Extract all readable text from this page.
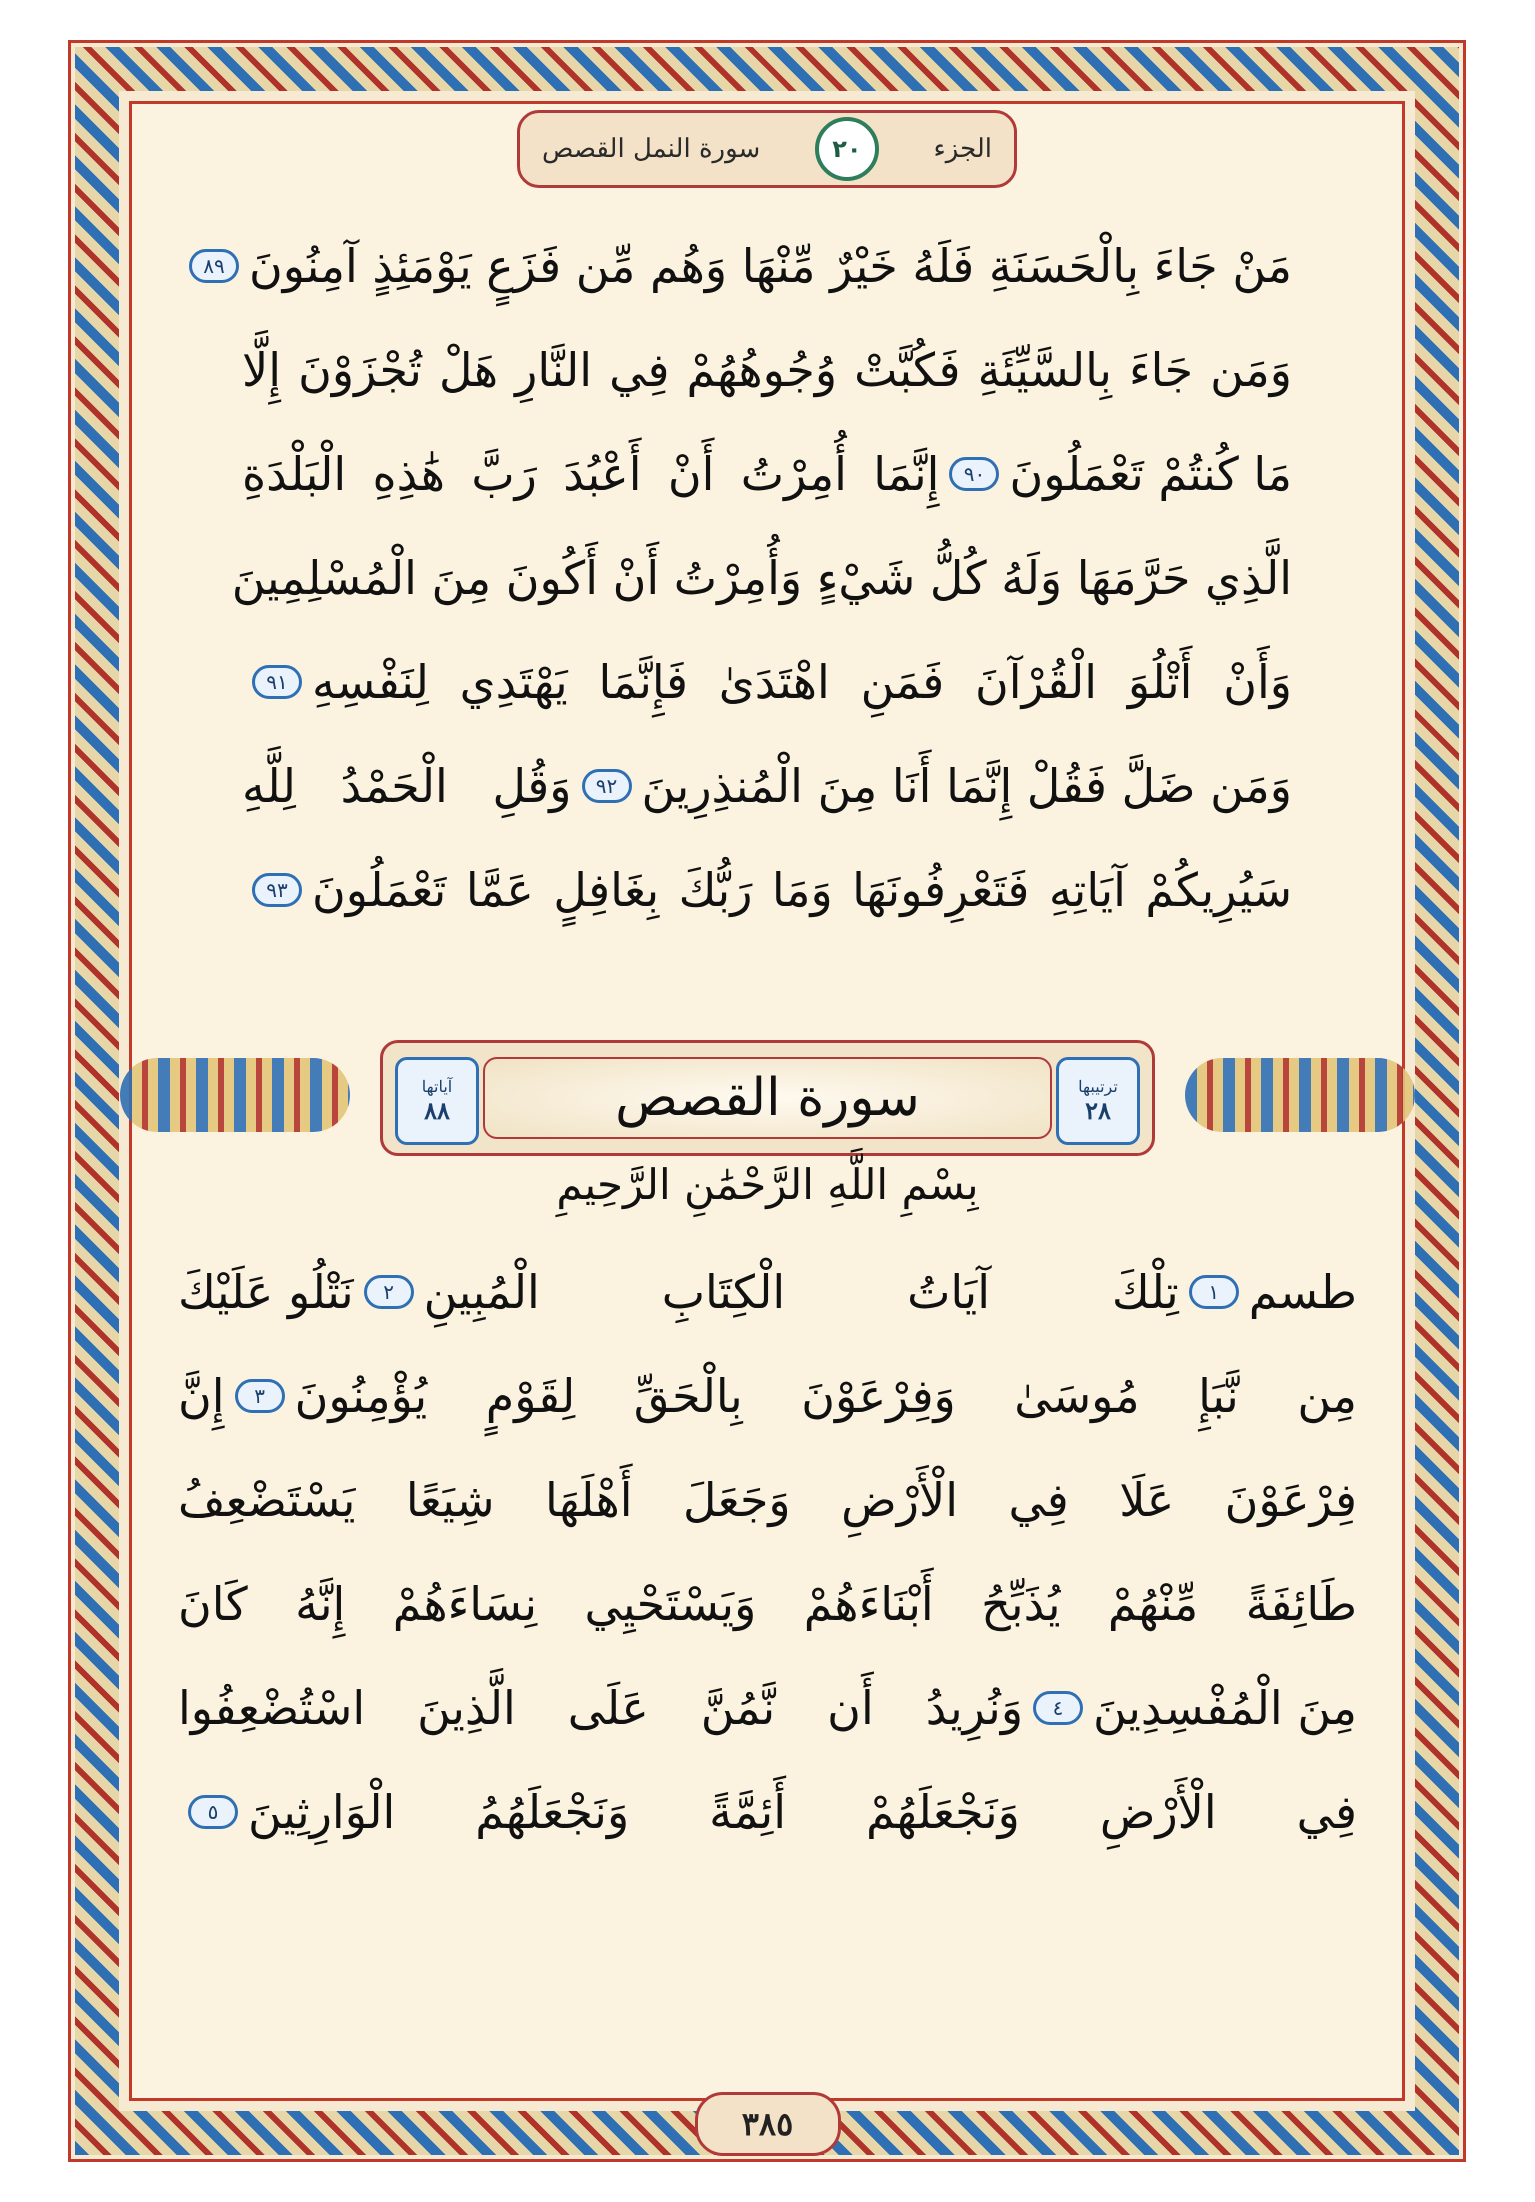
سورة النمل القصص	٢٠	الجزء
مَنْ جَاءَ بِالْحَسَنَةِ فَلَهُ خَيْرٌ مِّنْهَا وَهُم مِّن فَزَعٍ يَوْمَئِذٍ آمِنُونَ
٨٩
وَمَن جَاءَ بِالسَّيِّئَةِ فَكُبَّتْ وُجُوهُهُمْ فِي النَّارِ هَلْ تُجْزَوْنَ إِلَّا
مَا كُنتُمْ تَعْمَلُونَ
٩٠
إِنَّمَا أُمِرْتُ أَنْ أَعْبُدَ رَبَّ هَٰذِهِ الْبَلْدَةِ
الَّذِي حَرَّمَهَا وَلَهُ كُلُّ شَيْءٍ وَأُمِرْتُ أَنْ أَكُونَ مِنَ الْمُسْلِمِينَ
وَأَنْ أَتْلُوَ الْقُرْآنَ فَمَنِ اهْتَدَىٰ فَإِنَّمَا يَهْتَدِي لِنَفْسِهِ
٩١
وَمَن ضَلَّ فَقُلْ إِنَّمَا أَنَا مِنَ الْمُنذِرِينَ
٩٢
وَقُلِ الْحَمْدُ لِلَّهِ
سَيُرِيكُمْ آيَاتِهِ فَتَعْرِفُونَهَا وَمَا رَبُّكَ بِغَافِلٍ عَمَّا تَعْمَلُونَ
٩٣
ترتيبها
٢٨
سورة القصص
آياتها
٨٨
بِسْمِ اللَّهِ الرَّحْمَٰنِ الرَّحِيمِ
طسم
١
تِلْكَ آيَاتُ الْكِتَابِ الْمُبِينِ
٢
نَتْلُو عَلَيْكَ
مِن نَّبَإِ مُوسَىٰ وَفِرْعَوْنَ بِالْحَقِّ لِقَوْمٍ يُؤْمِنُونَ
٣
إِنَّ
فِرْعَوْنَ عَلَا فِي الْأَرْضِ وَجَعَلَ أَهْلَهَا شِيَعًا يَسْتَضْعِفُ
طَائِفَةً مِّنْهُمْ يُذَبِّحُ أَبْنَاءَهُمْ وَيَسْتَحْيِي نِسَاءَهُمْ إِنَّهُ كَانَ
مِنَ الْمُفْسِدِينَ
٤
وَنُرِيدُ أَن نَّمُنَّ عَلَى الَّذِينَ اسْتُضْعِفُوا
فِي الْأَرْضِ وَنَجْعَلَهُمْ أَئِمَّةً وَنَجْعَلَهُمُ الْوَارِثِينَ
٥
٣٨٥
